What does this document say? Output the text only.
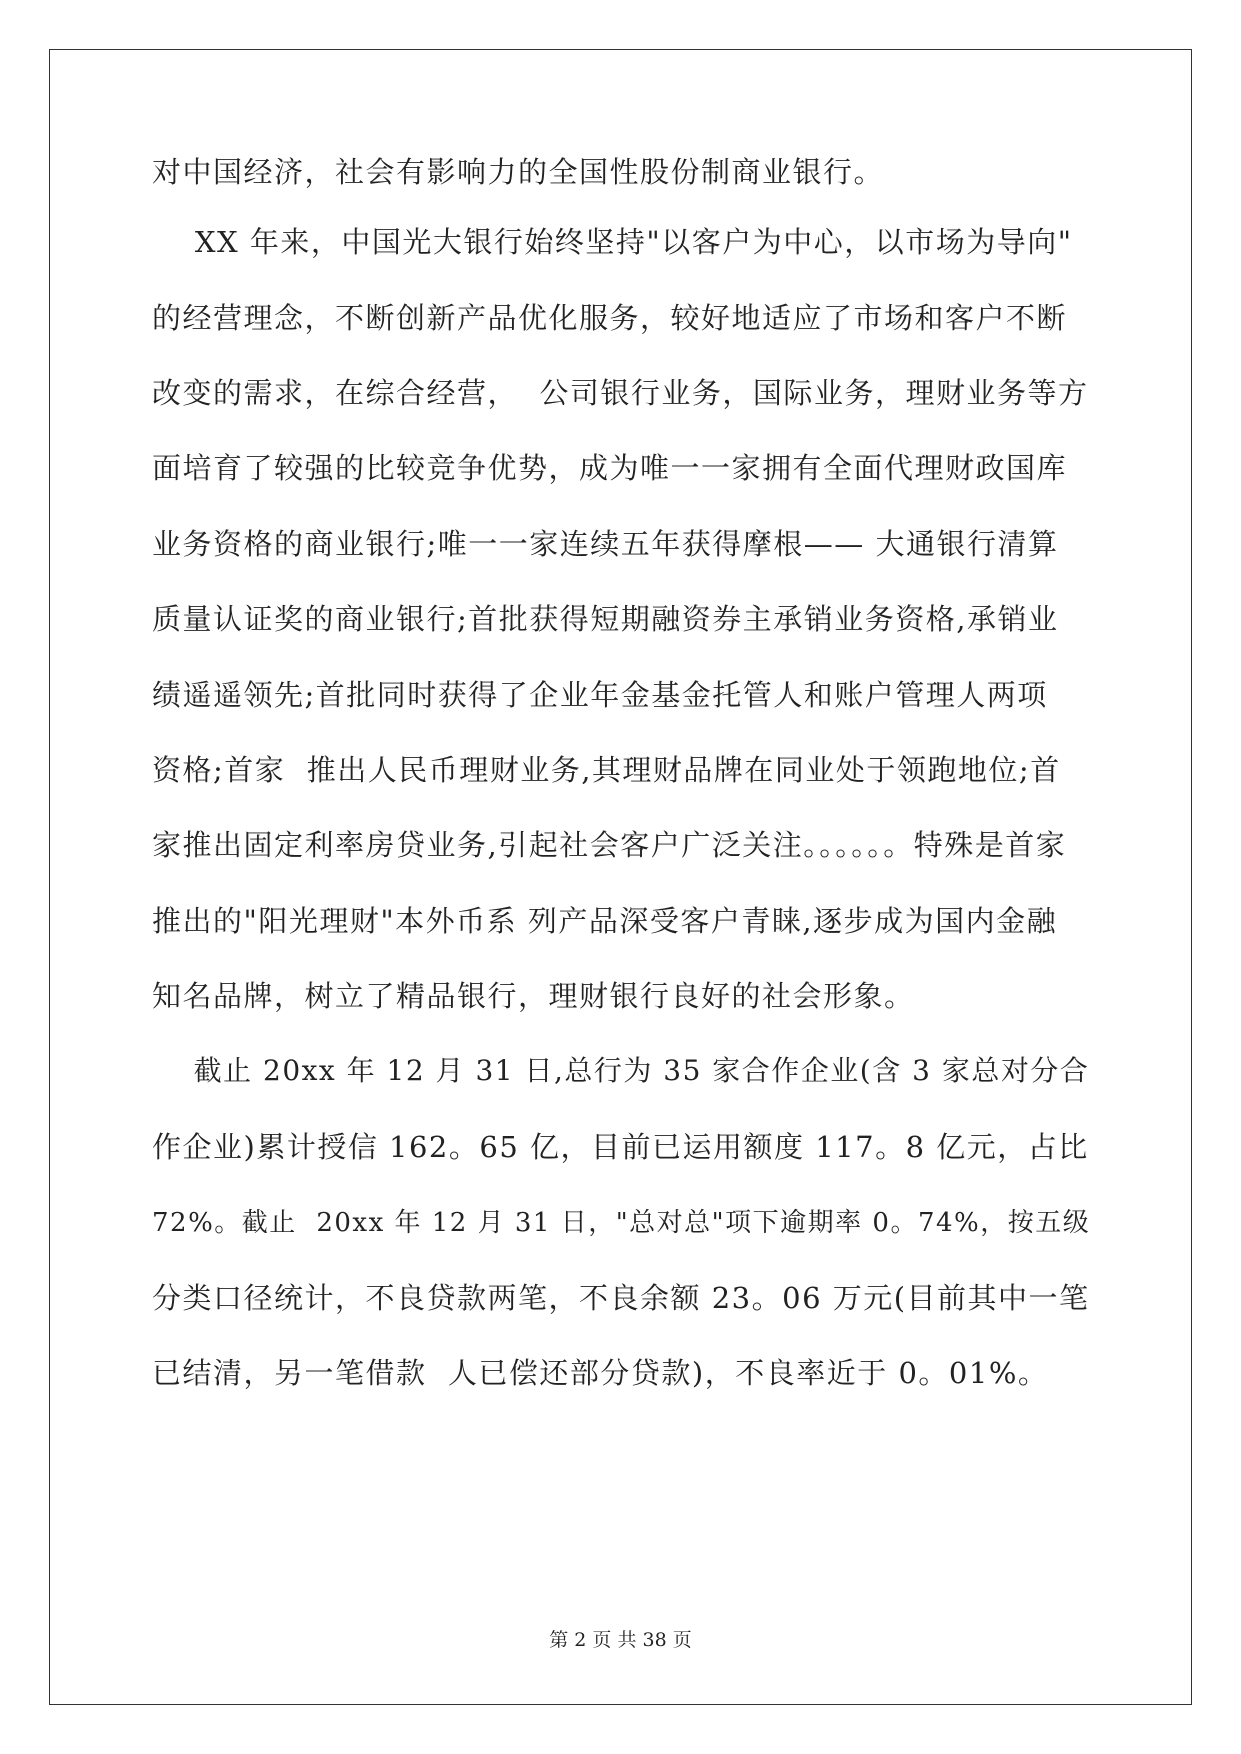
对中国经济，社会有影响力的全国性股份制商业银行。
XX 年来，中国光大银行始终坚持"以客户为中心，以市场为导向"
的经营理念，不断创新产品优化服务，较好地适应了市场和客户不断
改变的需求，在综合经营，  公司银行业务，国际业务，理财业务等方
面培育了较强的比较竞争优势，成为唯一一家拥有全面代理财政国库
业务资格的商业银行;唯一一家连续五年获得摩根—— 大通银行清算
质量认证奖的商业银行;首批获得短期融资券主承销业务资格,承销业
绩遥遥领先;首批同时获得了企业年金基金托管人和账户管理人两项
资格;首家  推出人民币理财业务,其理财品牌在同业处于领跑地位;首
家推出固定利率房贷业务,引起社会客户广泛关注。。。。。。特殊是首家
推出的"阳光理财"本外币系 列产品深受客户青睐,逐步成为国内金融
知名品牌，树立了精品银行，理财银行良好的社会形象。
截止 20xx 年 12 月 31 日,总行为 35 家合作企业(含 3 家总对分合
作企业)累计授信 162。65 亿，目前已运用额度 117。8 亿元，占比
72%。截止  20xx 年 12 月 31 日，"总对总"项下逾期率 0。74%，按五级
分类口径统计，不良贷款两笔，不良余额 23。06 万元(目前其中一笔
已结清，另一笔借款  人已偿还部分贷款)，不良率近于 0。01%。
第 2 页 共 38 页
